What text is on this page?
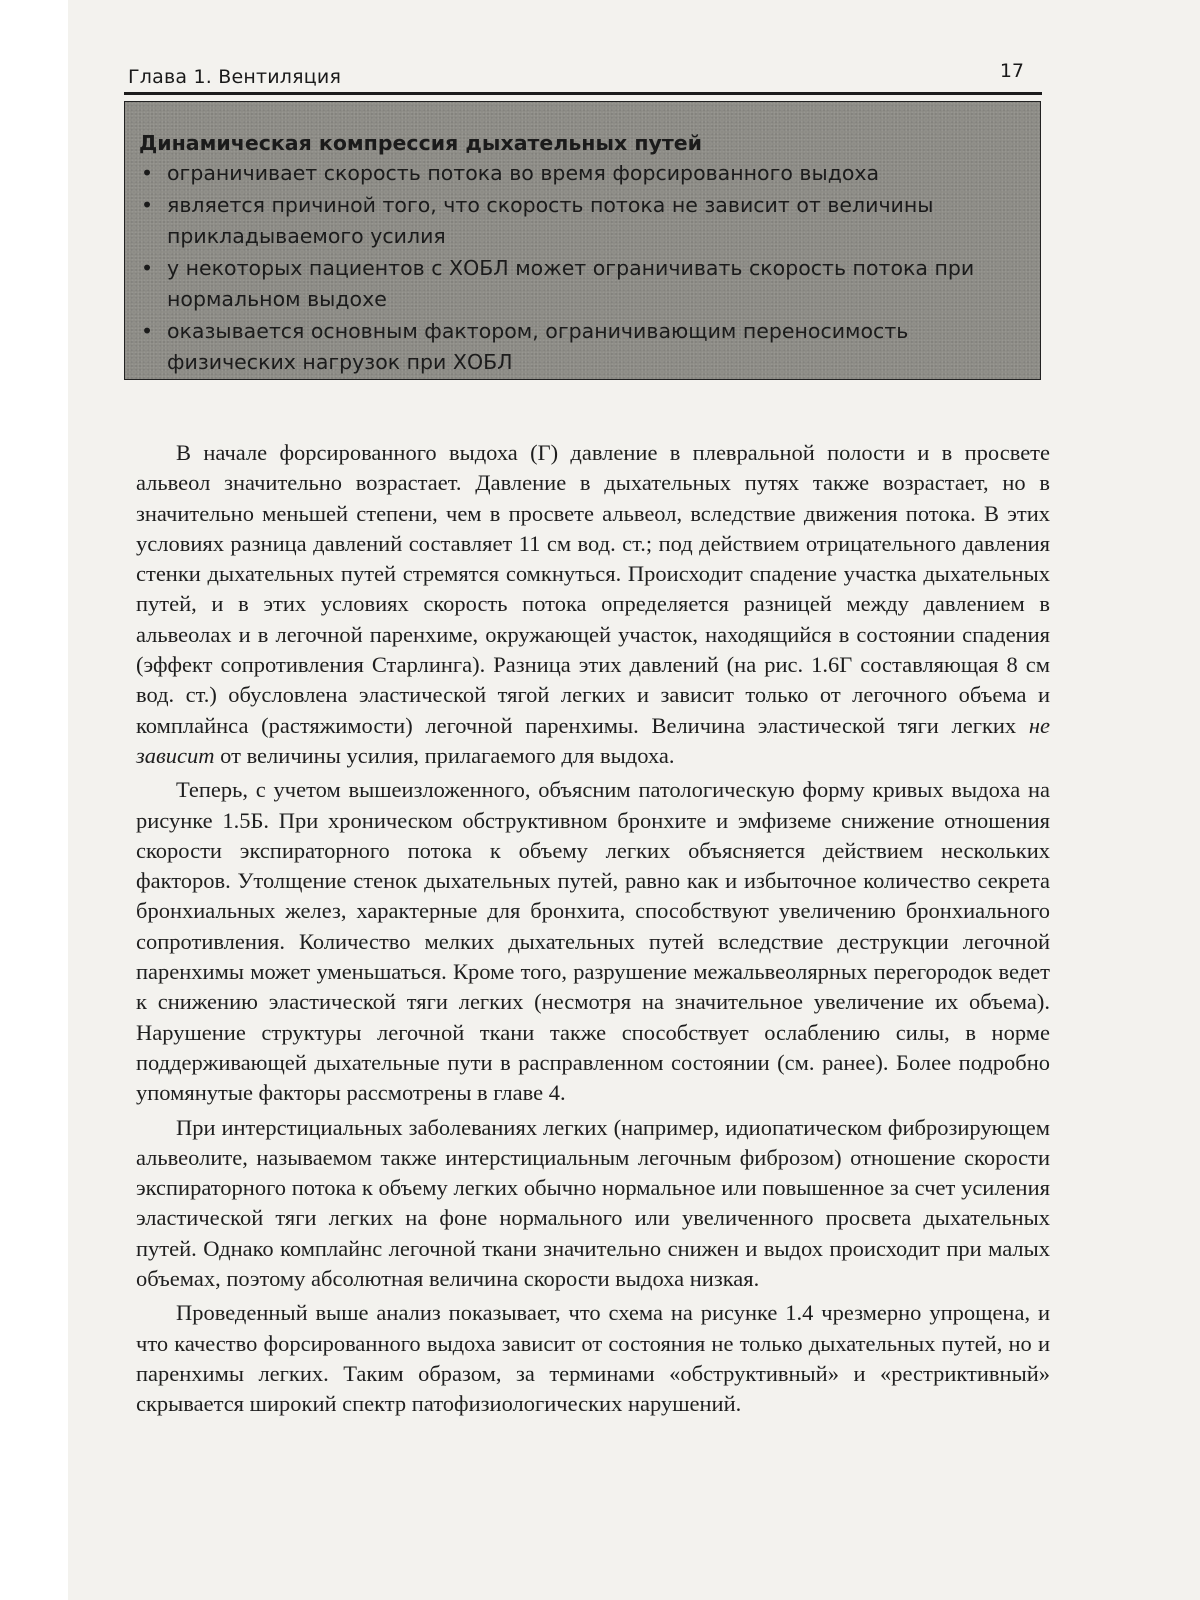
Глава 1. Вентиляция	17
Динамическая компрессия дыхательных путей
• ограничивает скорость потока во время форсированного выдоха
• является причиной того, что скорость потока не зависит от величины прикладываемого усилия
• у некоторых пациентов с ХОБЛ может ограничивать скорость потока при нормальном выдохе
• оказывается основным фактором, ограничивающим переносимость физических нагрузок при ХОБЛ

В начале форсированного выдоха (Г) давление в плевральной полости и в просвете альвеол значительно возрастает. Давление в дыхательных путях также возрастает, но в значительно меньшей степени, чем в просвете альвеол, вследствие движения потока. В этих условиях разница давлений составляет 11 см вод. ст.; под действием отрицательного давления стенки дыхательных путей стремятся сомкнуться. Происходит спадение участка дыхательных путей, и в этих условиях скорость потока определяется разницей между давлением в альвеолах и в легочной паренхиме, окружающей участок, находящийся в состоянии спадения (эффект сопротивления Старлинга). Разница этих давлений (на рис. 1.6Г составляющая 8 см вод. ст.) обусловлена эластической тягой легких и зависит только от легочного объема и комплайнса (растяжимости) легочной паренхимы. Величина эластической тяги легких не зависит от величины усилия, прилагаемого для выдоха.

Теперь, с учетом вышеизложенного, объясним патологическую форму кривых выдоха на рисунке 1.5Б. При хроническом обструктивном бронхите и эмфиземе снижение отношения скорости экспираторного потока к объему легких объясняется действием нескольких факторов. Утолщение стенок дыхательных путей, равно как и избыточное количество секрета бронхиальных желез, характерные для бронхита, способствуют увеличению бронхиального сопротивления. Количество мелких дыхательных путей вследствие деструкции легочной паренхимы может уменьшаться. Кроме того, разрушение межальвеолярных перегородок ведет к снижению эластической тяги легких (несмотря на значительное увеличение их объема). Нарушение структуры легочной ткани также способствует ослаблению силы, в норме поддерживающей дыхательные пути в расправленном состоянии (см. ранее). Более подробно упомянутые факторы рассмотрены в главе 4.

При интерстициальных заболеваниях легких (например, идиопатическом фиброзирующем альвеолите, называемом также интерстициальным легочным фиброзом) отношение скорости экспираторного потока к объему легких обычно нормальное или повышенное за счет усиления эластической тяги легких на фоне нормального или увеличенного просвета дыхательных путей. Однако комплайнс легочной ткани значительно снижен и выдох происходит при малых объемах, поэтому абсолютная величина скорости выдоха низкая.

Проведенный выше анализ показывает, что схема на рисунке 1.4 чрезмерно упрощена, и что качество форсированного выдоха зависит от состояния не только дыхательных путей, но и паренхимы легких. Таким образом, за терминами «обструктивный» и «рестриктивный» скрывается широкий спектр патофизиологических нарушений.
